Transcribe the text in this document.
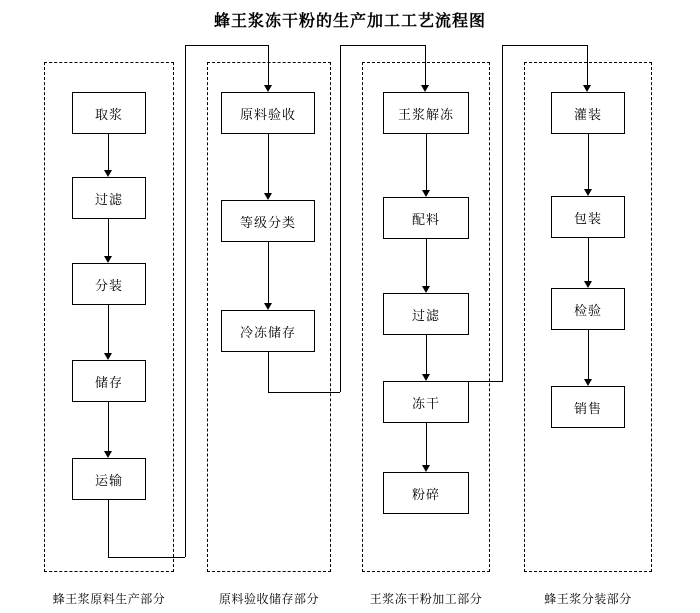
蜂王浆冻干粉的生产加工工艺流程图
取浆
过滤
分装
储存
运输
原料验收
等级分类
冷冻储存
王浆解冻
配料
过滤
冻干
粉碎
灌装
包装
检验
销售
蜂王浆原料生产部分	原料验收储存部分	王浆冻干粉加工部分	蜂王浆分装部分
